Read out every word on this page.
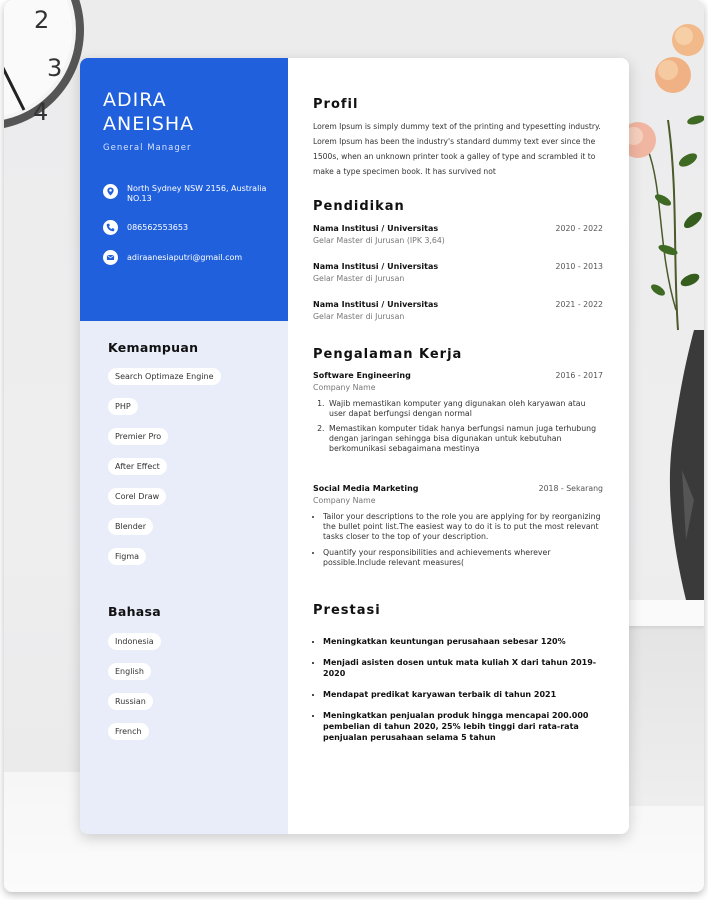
2
3
4	ADIRA
ANEISHA
General Manager
North Sydney NSW 2156, Australia NO.13
086562553653
adiraanesiaputri@gmail.com
Kemampuan
Search Optimaze Engine
PHP
Premier Pro
After Effect
Corel Draw
Blender
Figma
Bahasa
Indonesia
English
Russian
French
Profil

Lorem Ipsum is simply dummy text of the printing and typesetting industry. Lorem Ipsum has been the industry's standard dummy text ever since the 1500s, when an unknown printer took a galley of type and scrambled it to make a type specimen book. It has survived not

Pendidikan
Nama Institusi / Universitas	2020 - 2022
Gelar Master di Jurusan (IPK 3,64)
Nama Institusi / Universitas	2010 - 2013
Gelar Master di Jurusan
Nama Institusi / Universitas	2021 - 2022
Gelar Master di Jurusan
Pengalaman Kerja
Software Engineering	2016 - 2017
Company Name
1. Wajib memastikan komputer yang digunakan oleh karyawan atau user dapat berfungsi dengan normal
2. Memastikan komputer tidak hanya berfungsi namun juga terhubung dengan jaringan sehingga bisa digunakan untuk kebutuhan berkomunikasi sebagaimana mestinya
Social Media Marketing	2018 - Sekarang
Company Name
• Tailor your descriptions to the role you are applying for by reorganizing the bullet point list.The easiest way to do it is to put the most relevant tasks closer to the top of your description.
• Quantify your responsibilities and achievements wherever possible.Include relevant measures(
Prestasi
• Meningkatkan keuntungan perusahaan sebesar 120%
• Menjadi asisten dosen untuk mata kuliah X dari tahun 2019-2020
• Mendapat predikat karyawan terbaik di tahun 2021
• Meningkatkan penjualan produk hingga mencapai 200.000 pembelian di tahun 2020, 25% lebih tinggi dari rata-rata penjualan perusahaan selama 5 tahun
